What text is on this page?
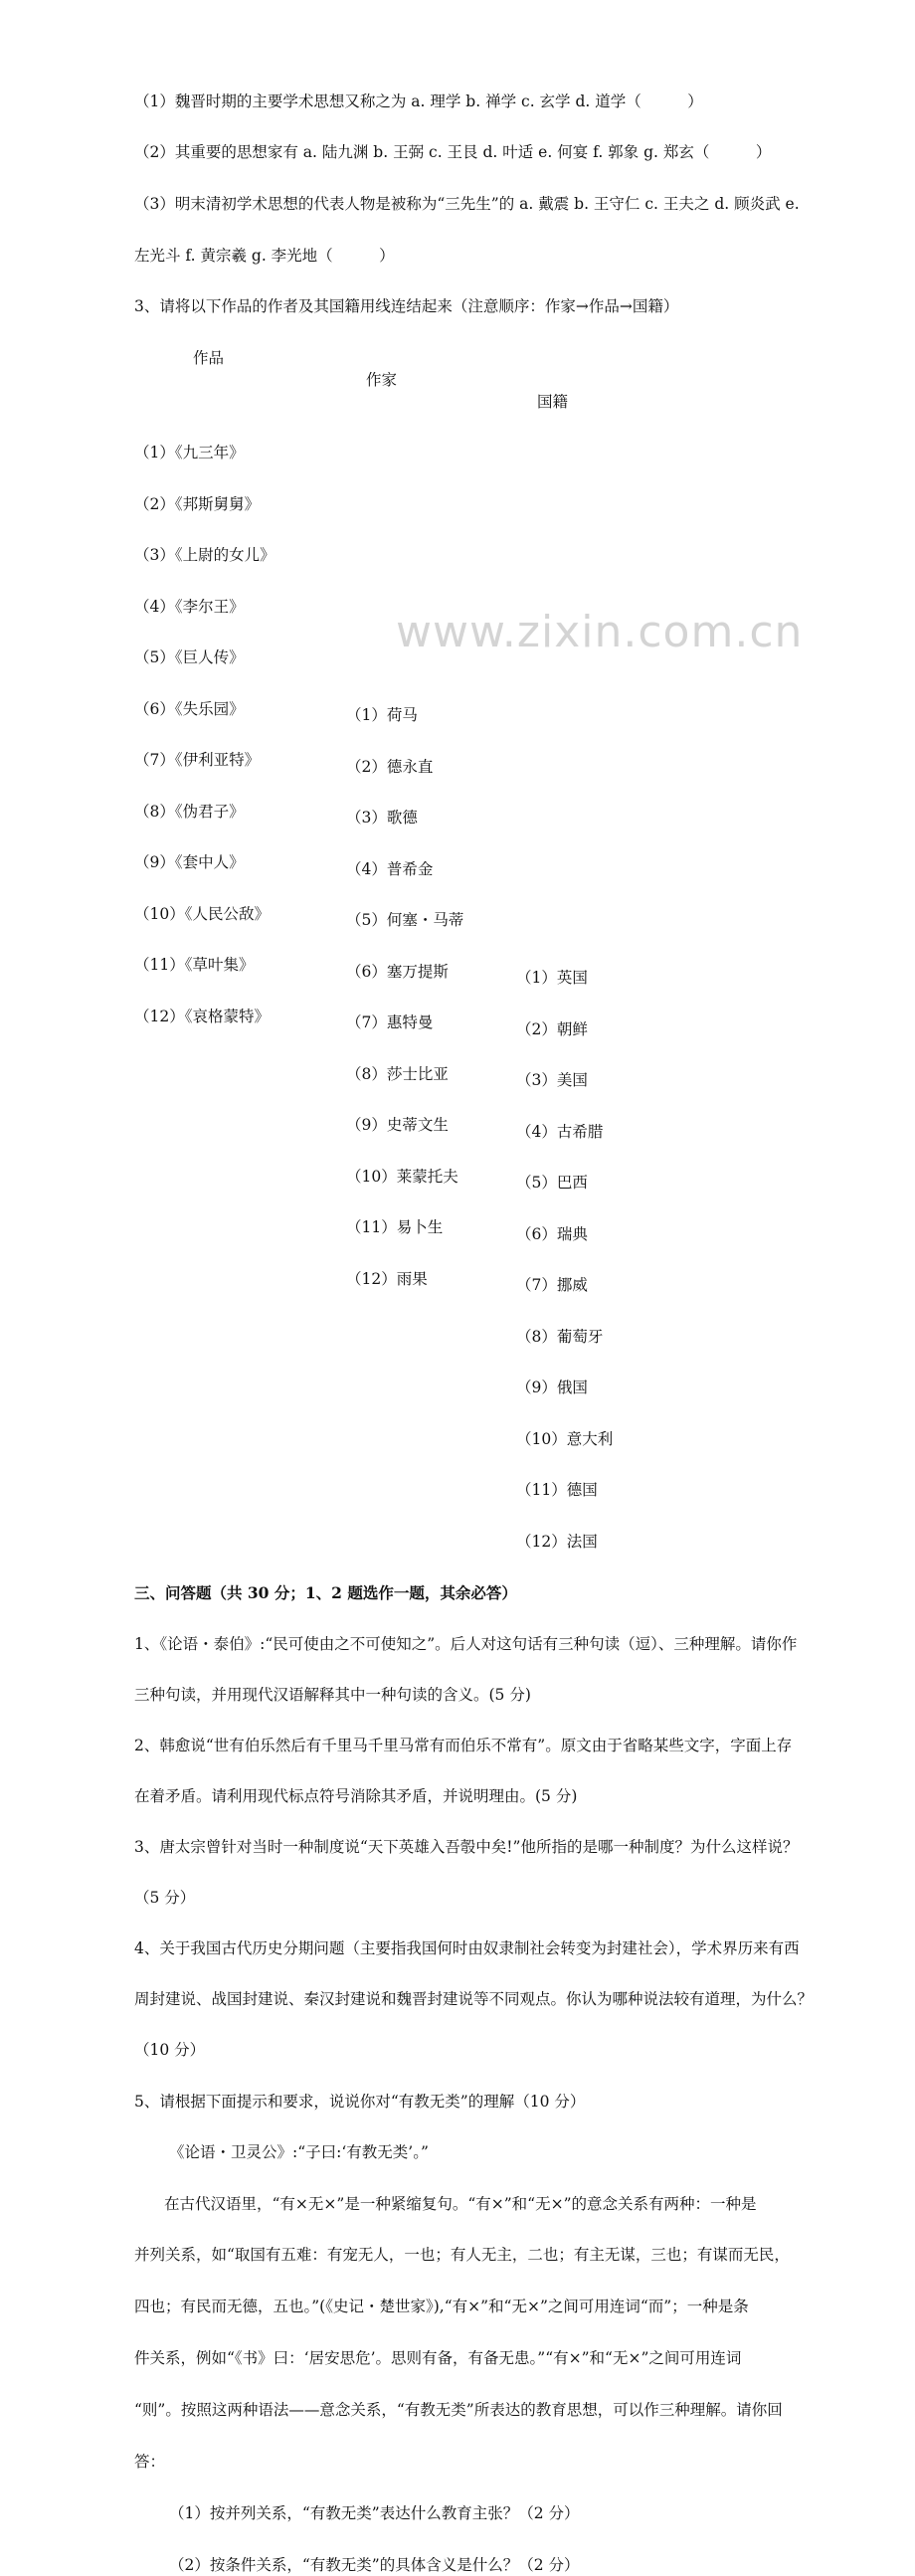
www.zixin.com.cn
（1）魏晋时期的主要学术思想又称之为 a. 理学 b. 禅学 c. 玄学 d. 道学（　　　）
（2）其重要的思想家有 a. 陆九渊 b. 王弼 c. 王艮 d. 叶适 e. 何宴 f. 郭象 g. 郑玄（　　　）
（3）明末清初学术思想的代表人物是被称为“三先生”的 a. 戴震 b. 王守仁 c. 王夫之 d. 顾炎武 e.
左光斗 f. 黄宗羲 g. 李光地（　　　）
3、请将以下作品的作者及其国籍用线连结起来（注意顺序：作家→作品→国籍）
作品
作家
国籍
（1）《九三年》
（2）《邦斯舅舅》
（3）《上尉的女儿》
（4）《李尔王》
（5）《巨人传》
（6）《失乐园》
（7）《伊利亚特》
（8）《伪君子》
（9）《套中人》
（10）《人民公敌》
（11）《草叶集》
（12）《哀格蒙特》
（1）荷马
（2）德永直
（3）歌德
（4）普希金
（5）何塞・马蒂
（6）塞万提斯
（7）惠特曼
（8）莎士比亚
（9）史蒂文生
（10）莱蒙托夫
（11）易卜生
（12）雨果
（1）英国
（2）朝鲜
（3）美国
（4）古希腊
（5）巴西
（6）瑞典
（7）挪威
（8）葡萄牙
（9）俄国
（10）意大利
（11）德国
（12）法国
三、问答题（共 30 分；1、2 题选作一题，其余必答）
1、《论语・泰伯》:“民可使由之不可使知之”。后人对这句话有三种句读（逗）、三种理解。请你作
三种句读，并用现代汉语解释其中一种句读的含义。(5 分)
2、韩愈说“世有伯乐然后有千里马千里马常有而伯乐不常有”。原文由于省略某些文字，字面上存
在着矛盾。请利用现代标点符号消除其矛盾，并说明理由。(5 分)
3、唐太宗曾针对当时一种制度说“天下英雄入吾彀中矣!”他所指的是哪一种制度？为什么这样说？
（5 分）
4、关于我国古代历史分期问题（主要指我国何时由奴隶制社会转变为封建社会），学术界历来有西
周封建说、战国封建说、秦汉封建说和魏晋封建说等不同观点。你认为哪种说法较有道理，为什么？
（10 分）
5、请根据下面提示和要求，说说你对“有教无类”的理解（10 分）
《论语・卫灵公》:“子曰:‘有教无类’。”
在古代汉语里，“有×无×”是一种紧缩复句。“有×”和“无×”的意念关系有两种：一种是
并列关系，如“取国有五难：有宠无人，一也；有人无主，二也；有主无谋，三也；有谋而无民，
四也；有民而无德，五也。”(《史记・楚世家》),“有×”和“无×”之间可用连词“而”；一种是条
件关系，例如“《书》曰：‘居安思危’。思则有备，有备无患。”“有×”和“无×”之间可用连词
“则”。按照这两种语法——意念关系，“有教无类”所表达的教育思想，可以作三种理解。请你回
答：
（1）按并列关系，“有教无类”表达什么教育主张？（2 分）
（2）按条件关系，“有教无类”的具体含义是什么？（2 分）
